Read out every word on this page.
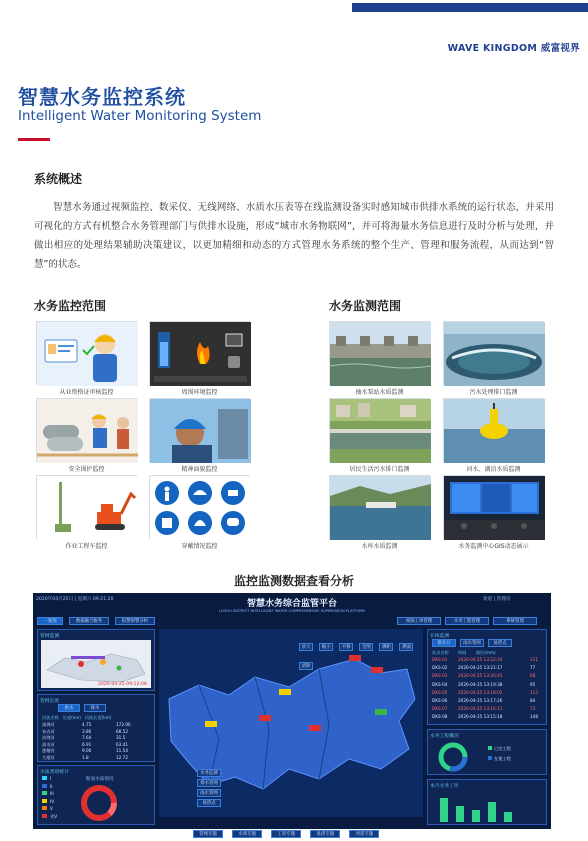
WAVE KINGDOM 威富视界
智慧水务监控系统
Intelligent Water Monitoring System
系统概述
智慧水务通过视频监控、数采仪、无线网络、水质水压表等在线监测设备实时感知城市供排水系统的运行状态，并采用可视化的方式有机整合水务管理部门与供排水设施，形成“城市水务物联网”，并可将海量水务信息进行及时分析与处理，并做出相应的处理结果辅助决策建议，以更加精细和动态的方式管理水务系统的整个生产、管理和服务流程，从而达到“智慧”的状态。
水务监控范围	水务监测范围
从业资格证审核监控	周围环境监控
安全围护监控	精神面貌监控
作业工程车监控	穿戴情况监控
抽水泵站水质监测	污水处理排口监测
居民生活污水排口监测	河水、湖泊水质监测
水库水质监测	水务监测中心GIS动态展示
监控监测数据查看分析
2020年04月25日 | 星期六 09:21:20	欢迎 | 管理员
智慧水务综合监管平台
LUOHU DISTRICT INTELLIGENT WATER COMPREHENSIVE SUPERVISION PLATFORM
一张图	数据融合服务	报警预警分析	视频工单管理	水务工程管理	系统管理
管网监测
2020-04-25 09:12:08
管网长度
供水	排水
河流名称 长度(km) 河流长度(km)
深圳河	4.75	172.06
布吉河	3.86	68.52
沙湾河	7.64	31.5
清水河	6.91	63.41
莲塘河	9.06	11.54
大望河	1.8	12.72
水质类别统计
I
II
III
IV
V
劣V
断面水质情况
放大	缩小	平移	全图	测距	测面 清除
水务监测
排水管网
雨水管网
易涝点
管网专题	水域专题	工况专题	易涝专题	河道专题
在线监测
排水口	雨水管网	易涝点
站点名称 时间 液位(mm)
DKS-01	2020-04-25 13:22:10	121
DKS-02	2020-04-25 13:21:17	77
DKS-03	2020-04-25 13:20:45	68
DKS-04	2020-04-25 13:19:38	95
DKS-05	2020-04-25 13:18:02	112
DKS-06	2020-04-25 13:17:26	84
DKS-07	2020-04-25 13:16:11	73
DKS-08	2020-04-25 13:15:18	148
水务工程概况
已完工程
在建工程
本月水务工作
